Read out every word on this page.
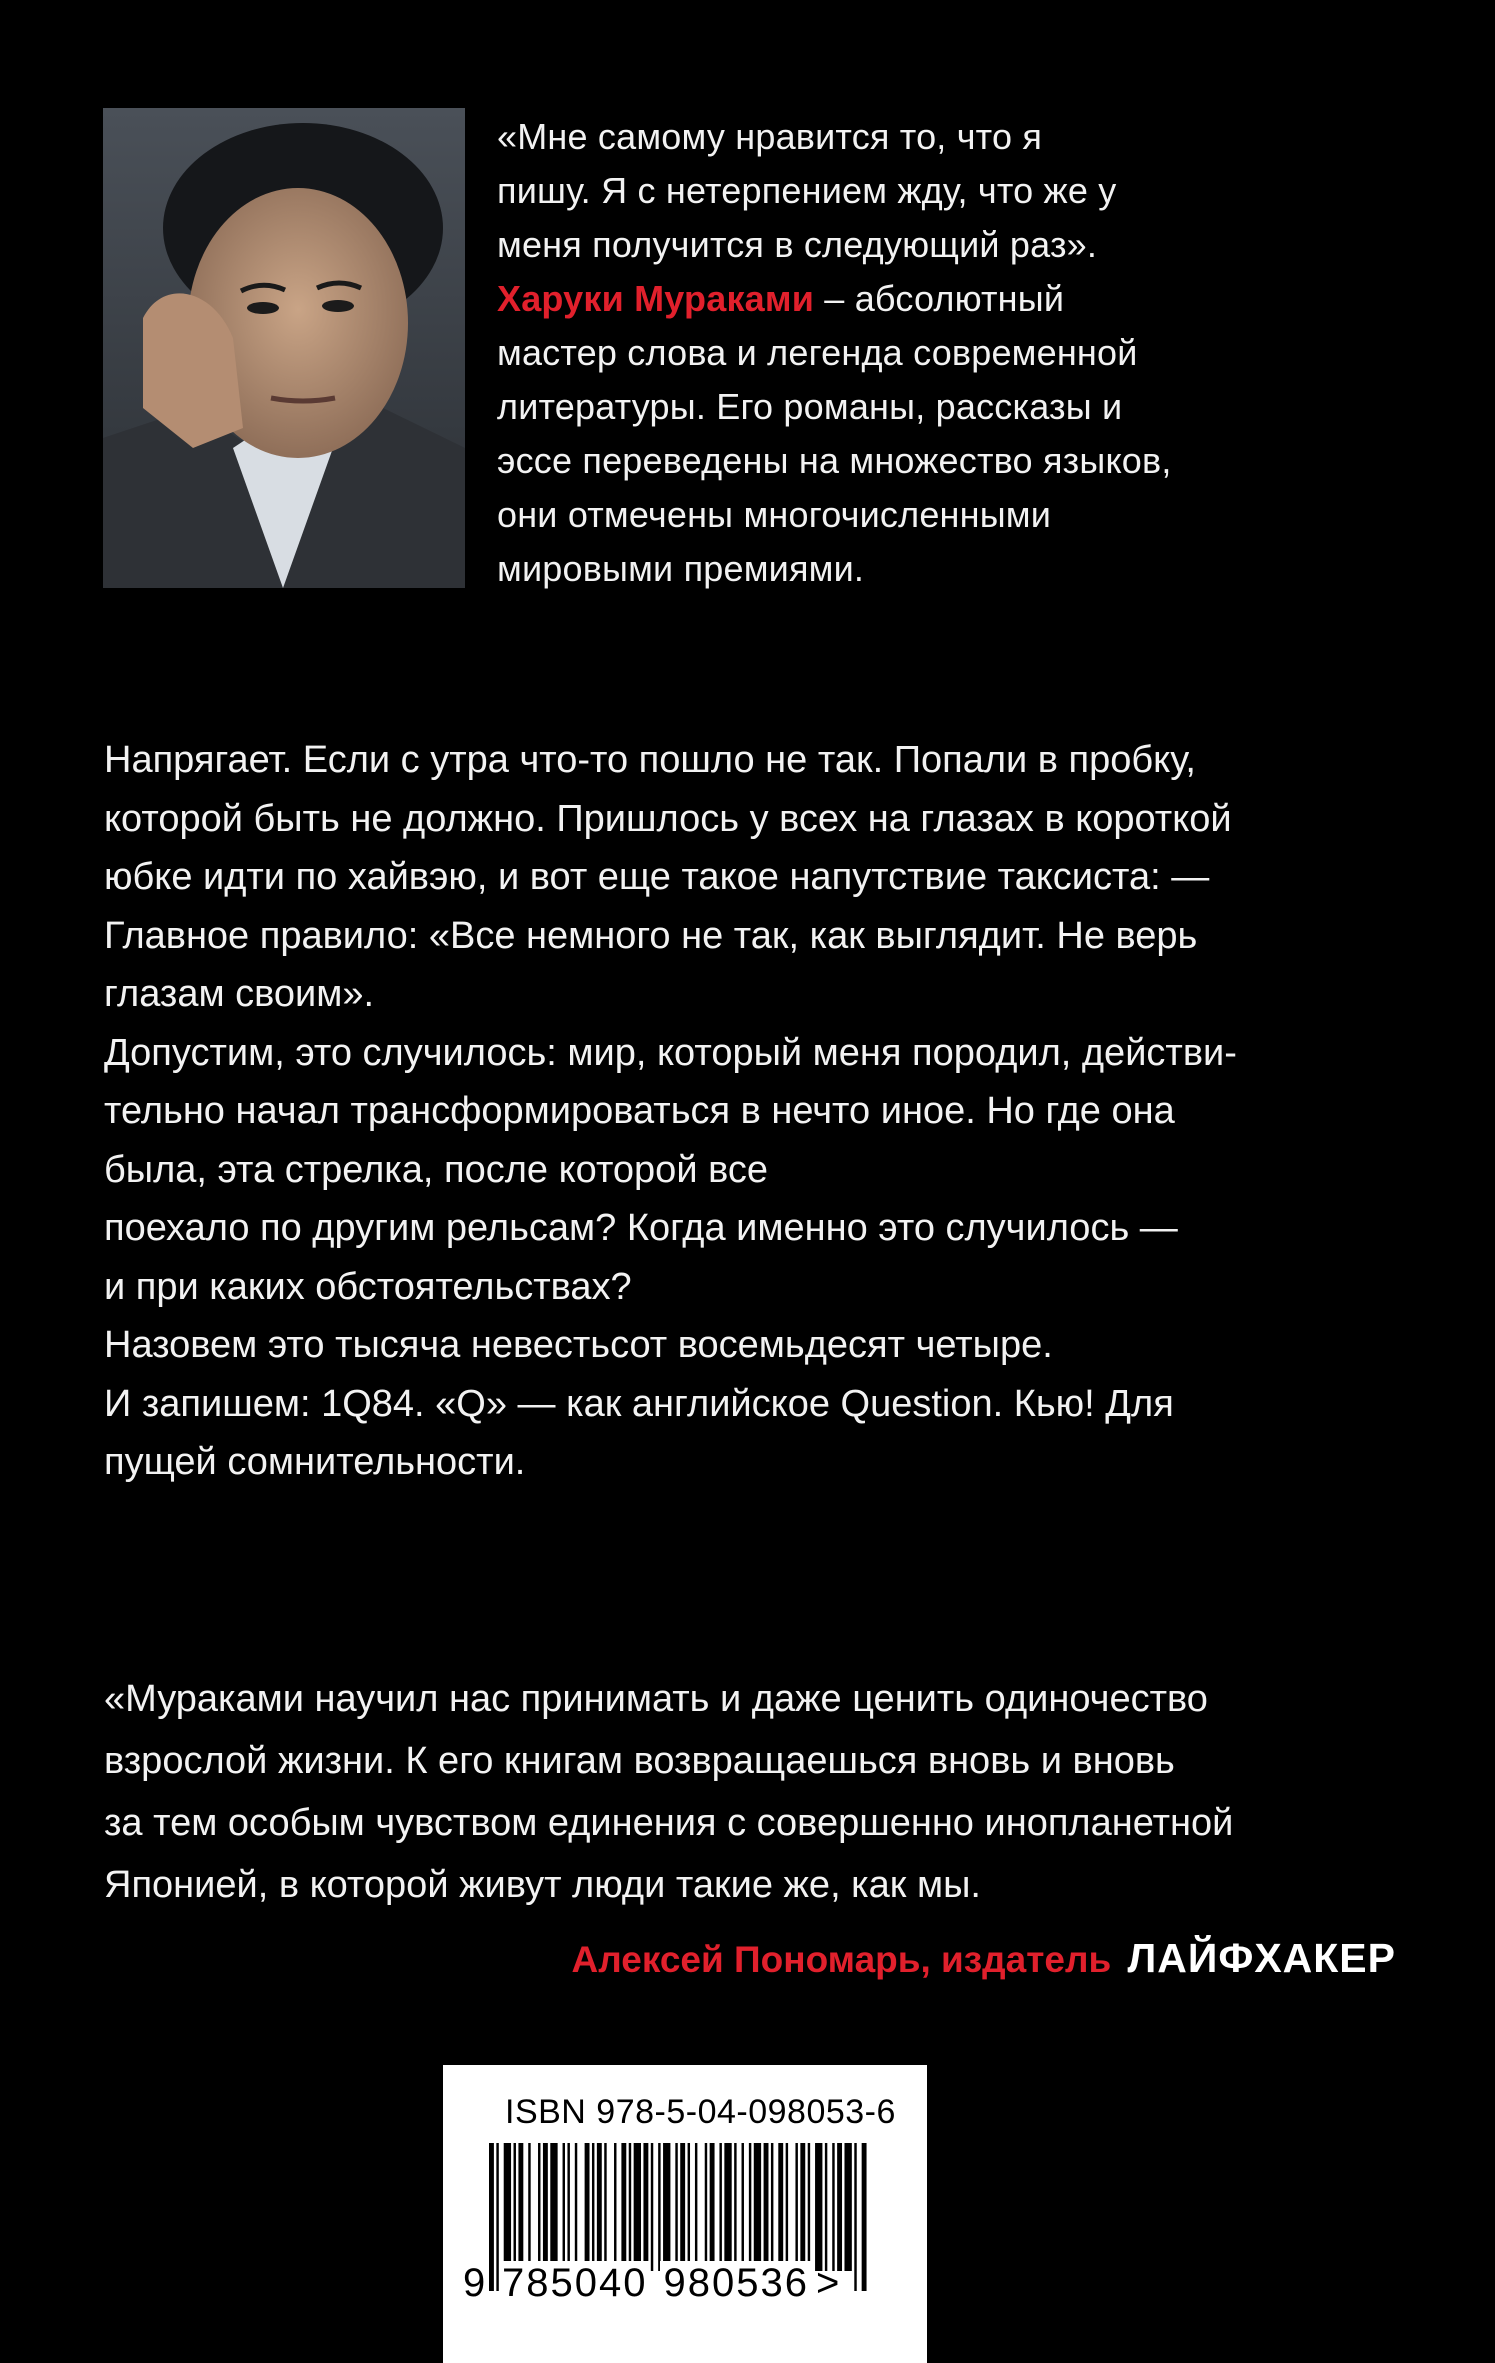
«Мне самому нравится то, что я
пишу. Я с нетерпением жду, что же у
меня получится в следующий раз».
Харуки Мураками – абсолютный
мастер слова и легенда современной
литературы. Его романы, рассказы и
эссе переведены на множество языков,
они отмечены многочисленными
мировыми премиями.
Напрягает. Если с утра что-то пошло не так. Попали в пробку,
которой быть не должно. Пришлось у всех на глазах в короткой
юбке идти по хайвэю, и вот еще такое напутствие таксиста: —
Главное правило: «Все немного не так, как выглядит. Не верь
глазам своим».
Допустим, это случилось: мир, который меня породил, действи-
тельно начал трансформироваться в нечто иное. Но где она
была, эта стрелка, после которой все
поехало по другим рельсам? Когда именно это случилось —
и при каких обстоятельствах?
Назовем это тысяча невестьсот восемьдесят четыре.
И запишем: 1Q84. «Q» — как английское Question. Кью! Для
пущей сомнительности.
«Мураками научил нас принимать и даже ценить одиночество
взрослой жизни. К его книгам возвращаешься вновь и вновь
за тем особым чувством единения с совершенно инопланетной
Японией, в которой живут люди такие же, как мы.
Алексей Пономарь, издатель ЛАЙФХАКЕР
ISBN 978-5-04-098053-6
9 785040 980536 >
